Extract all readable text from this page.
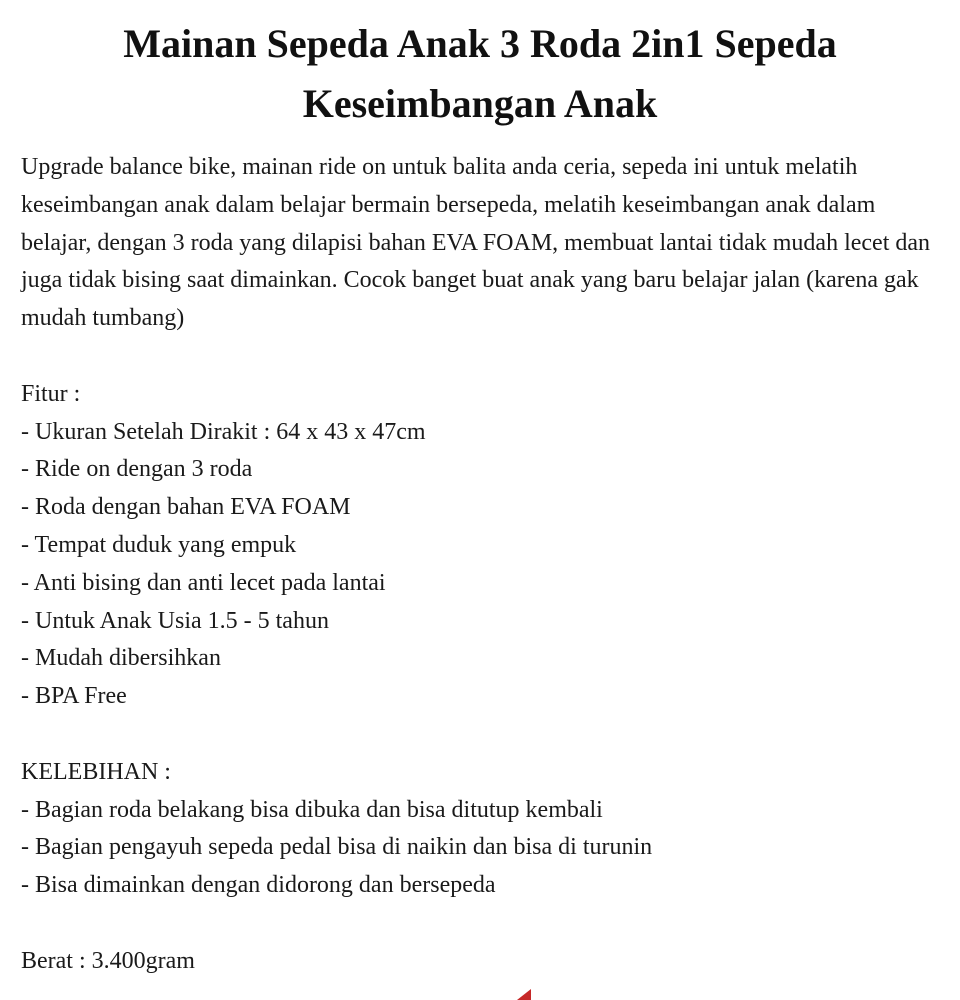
Mainan Sepeda Anak 3 Roda 2in1 Sepeda Keseimbangan Anak

Upgrade balance bike, mainan ride on untuk balita anda ceria, sepeda ini untuk melatih keseimbangan anak dalam belajar bermain bersepeda, melatih keseimbangan anak dalam belajar, dengan 3 roda yang dilapisi bahan EVA FOAM, membuat lantai tidak mudah lecet dan juga tidak bising saat dimainkan. Cocok banget buat anak yang baru belajar jalan (karena gak mudah tumbang)

Fitur :
- Ukuran Setelah Dirakit : 64 x 43 x 47cm
- Ride on dengan 3 roda
- Roda dengan bahan EVA FOAM
- Tempat duduk yang empuk
- Anti bising dan anti lecet pada lantai
- Untuk Anak Usia 1.5 - 5 tahun
- Mudah dibersihkan
- BPA Free
KELEBIHAN :
- Bagian roda belakang bisa dibuka dan bisa ditutup kembali
- Bagian pengayuh sepeda pedal bisa di naikin dan bisa di turunin
- Bisa dimainkan dengan didorong dan bersepeda
Berat : 3.400gram
